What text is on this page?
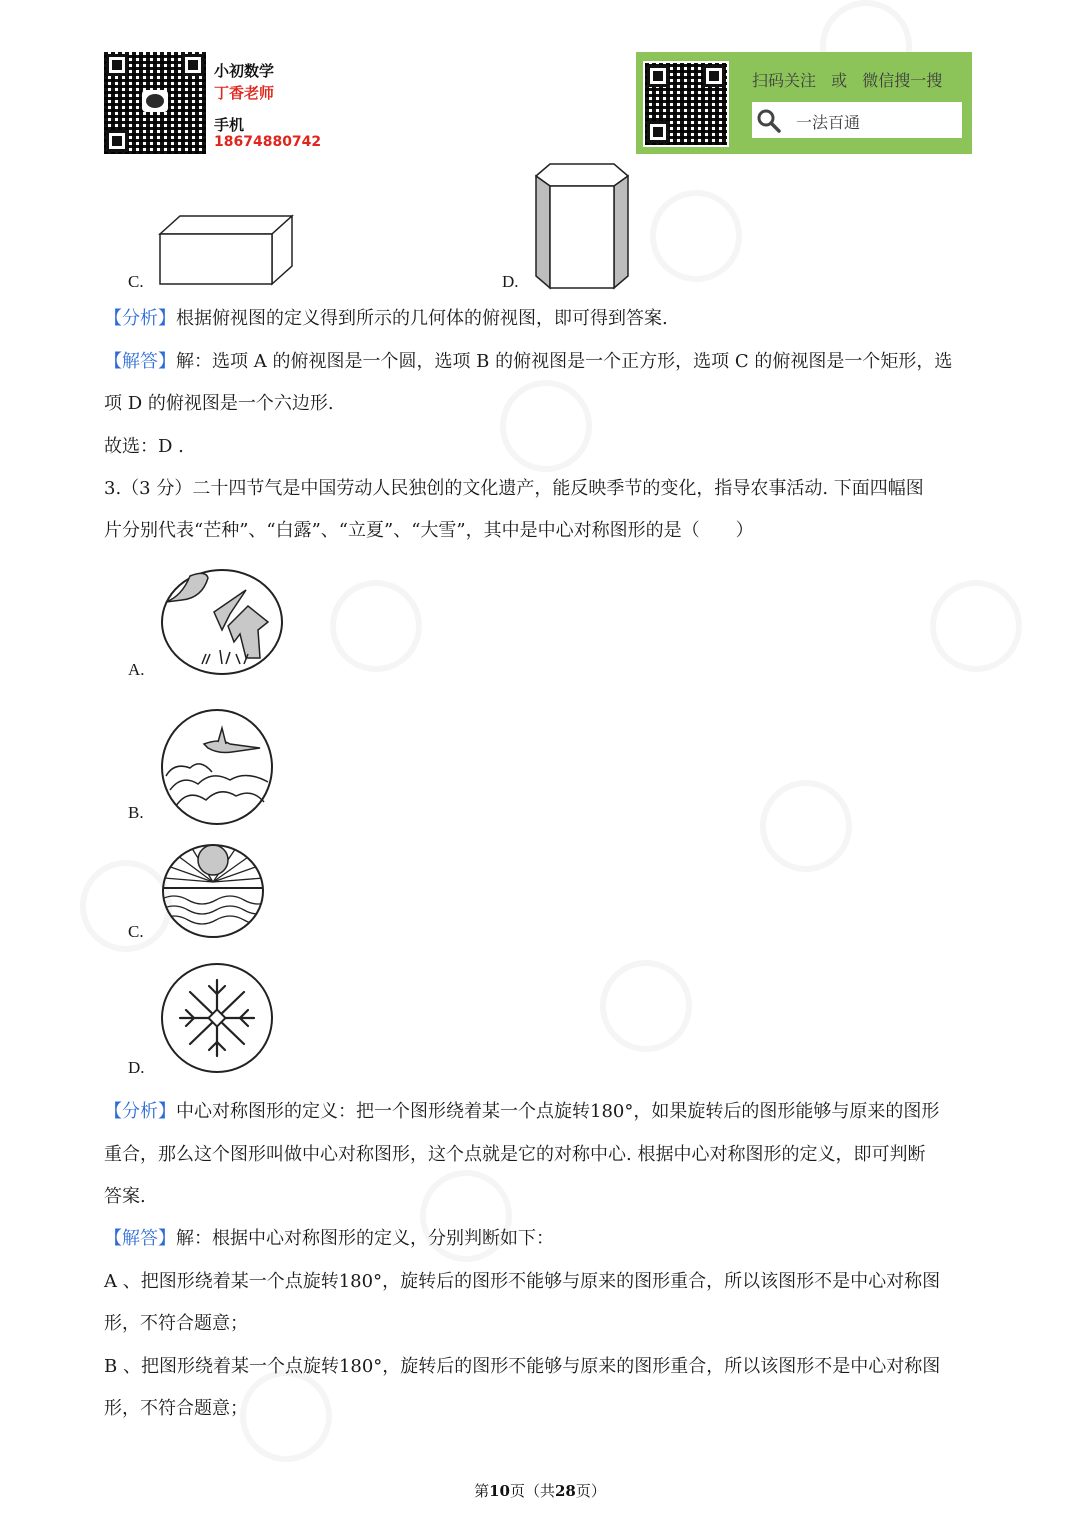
小初数学
丁香老师
手机
18674880742
扫码关注 或 微信搜一搜
一法百通
C.	D.
【分析】根据俯视图的定义得到所示的几何体的俯视图，即可得到答案.
【解答】解：选项 A 的俯视图是一个圆，选项 B 的俯视图是一个正方形，选项 C 的俯视图是一个矩形，选
项 D 的俯视图是一个六边形.
故选：D .
3.（3 分）二十四节气是中国劳动人民独创的文化遗产，能反映季节的变化，指导农事活动. 下面四幅图
片分别代表“芒种”、“白露”、“立夏”、“大雪”，其中是中心对称图形的是（　　）
A.
B.
C.
D.
【分析】中心对称图形的定义：把一个图形绕着某一个点旋转180°，如果旋转后的图形能够与原来的图形
重合，那么这个图形叫做中心对称图形，这个点就是它的对称中心. 根据中心对称图形的定义，即可判断
答案.
【解答】解：根据中心对称图形的定义，分别判断如下：
A 、把图形绕着某一个点旋转180°，旋转后的图形不能够与原来的图形重合，所以该图形不是中心对称图
形，不符合题意；
B 、把图形绕着某一个点旋转180°，旋转后的图形不能够与原来的图形重合，所以该图形不是中心对称图
形，不符合题意；
第10页（共28页）
